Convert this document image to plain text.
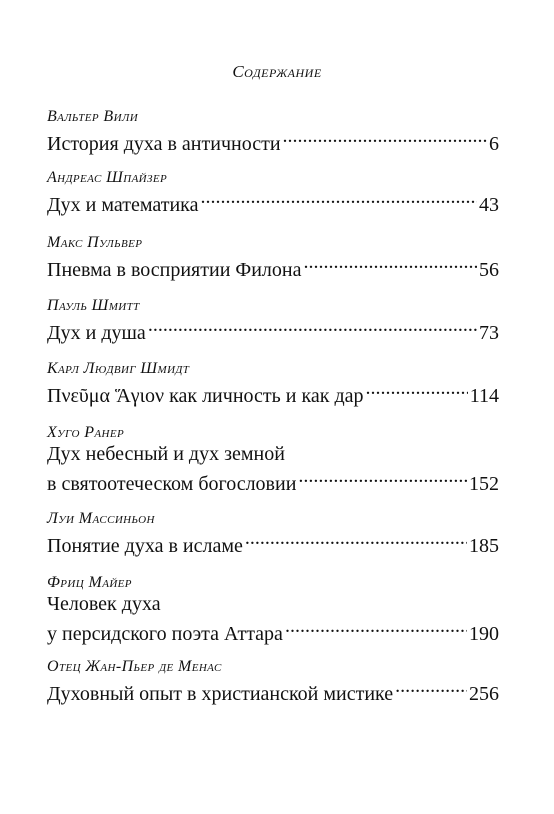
Содержание
Вальтер Вили
История духа в античности .....	6
Андреас Шпайзер
Дух и математика .....	43
Макс Пульвер
Пневма в восприятии Филона .....	56
Пауль Шмитт
Дух и душа .....	73
Карл Людвиг Шмидт
Πνεῦμα Ἅγιον как личность и как дар .....	114
Хуго Ранер
Дух небесный и дух земной
в святоотеческом богословии .....	152
Луи Массиньон
Понятие духа в исламе .....	185
Фриц Майер
Человек духа
у персидского поэта Аттара .....	190
Отец Жан-Пьер де Менас
Духовный опыт в христианской мистике .....	256
